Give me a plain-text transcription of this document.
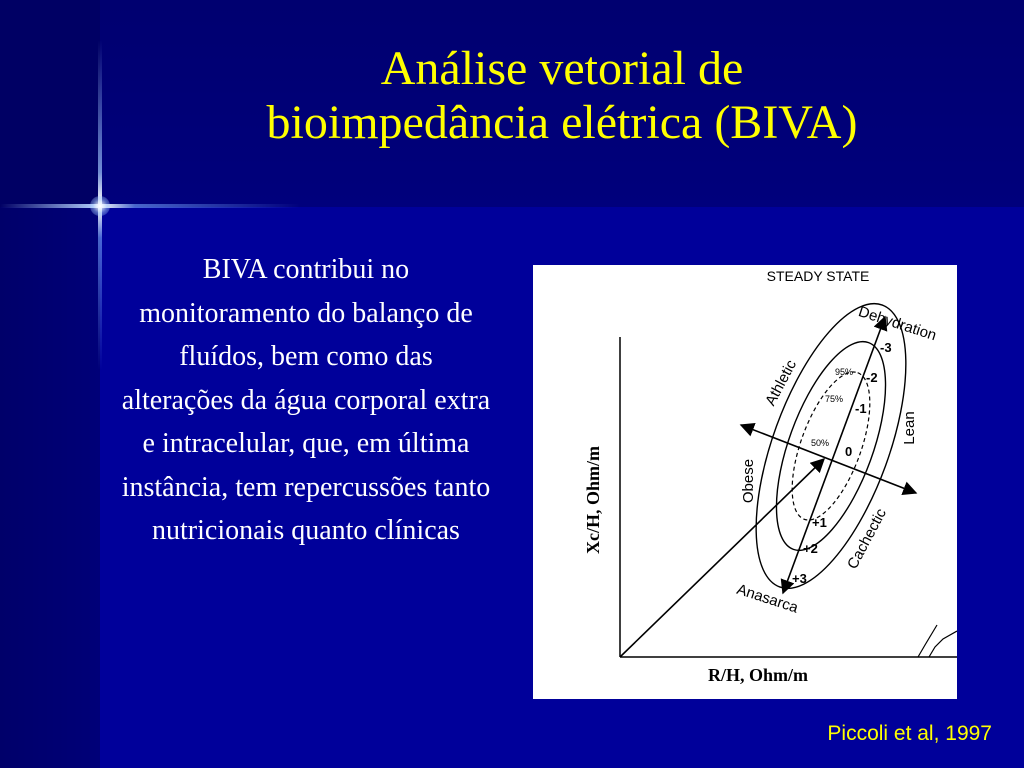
Análise vetorial de
bioimpedância elétrica (BIVA)

BIVA contribui no monitoramento do balanço de fluídos, bem como das alterações da água corporal extra e intracelular, que, em última instância, tem repercussões tanto nutricionais quanto clínicas

STEADY STATE
95%
75%
50%
-3
-2
-1
0
+1
+2
+3
Dehydration
Anasarca
Athletic
Cachectic
Obese
Lean
Xc/H, Ohm/m
R/H, Ohm/m

Piccoli et al, 1997
